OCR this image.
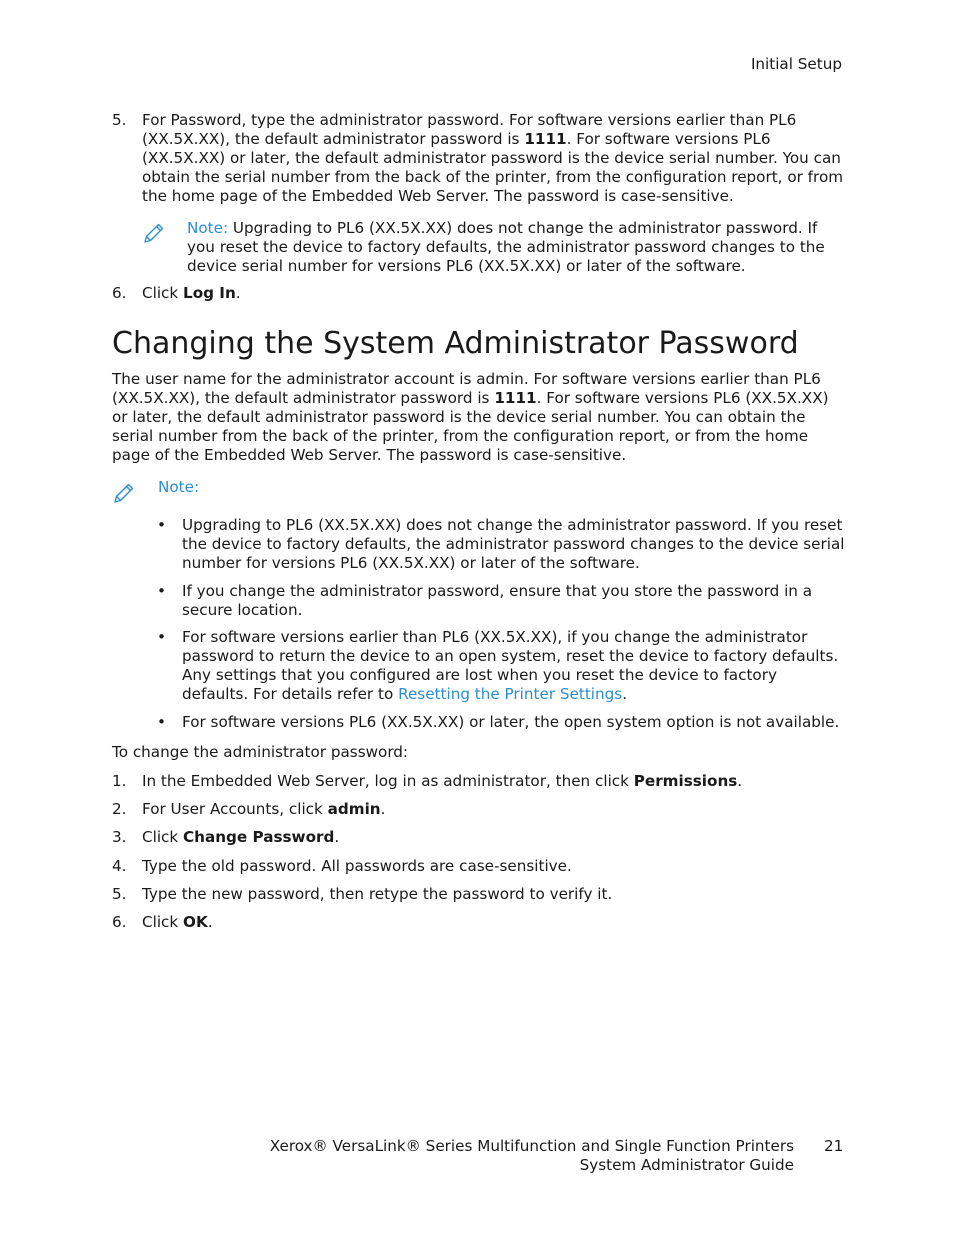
Initial Setup
5. For Password, type the administrator password. For software versions earlier than PL6 (XX.5X.XX), the default administrator password is 1111. For software versions PL6 (XX.5X.XX) or later, the default administrator password is the device serial number. You can obtain the serial number from the back of the printer, from the configuration report, or from the home page of the Embedded Web Server. The password is case-sensitive.

Note: Upgrading to PL6 (XX.5X.XX) does not change the administrator password. If you reset the device to factory defaults, the administrator password changes to the device serial number for versions PL6 (XX.5X.XX) or later of the software.

6. Click Log In.

Changing the System Administrator Password

The user name for the administrator account is admin. For software versions earlier than PL6 (XX.5X.XX), the default administrator password is 1111. For software versions PL6 (XX.5X.XX) or later, the default administrator password is the device serial number. You can obtain the serial number from the back of the printer, from the configuration report, or from the home page of the Embedded Web Server. The password is case-sensitive.

Note:
• Upgrading to PL6 (XX.5X.XX) does not change the administrator password. If you reset the device to factory defaults, the administrator password changes to the device serial number for versions PL6 (XX.5X.XX) or later of the software.

• If you change the administrator password, ensure that you store the password in a secure location.

• For software versions earlier than PL6 (XX.5X.XX), if you change the administrator password to return the device to an open system, reset the device to factory defaults. Any settings that you configured are lost when you reset the device to factory defaults. For details refer to Resetting the Printer Settings.

• For software versions PL6 (XX.5X.XX) or later, the open system option is not available.

To change the administrator password:

1. In the Embedded Web Server, log in as administrator, then click Permissions.

2. For User Accounts, click admin.

3. Click Change Password.

4. Type the old password. All passwords are case-sensitive.

5. Type the new password, then retype the password to verify it.

6. Click OK.

Xerox® VersaLink® Series Multifunction and Single Function Printers
System Administrator Guide
21
